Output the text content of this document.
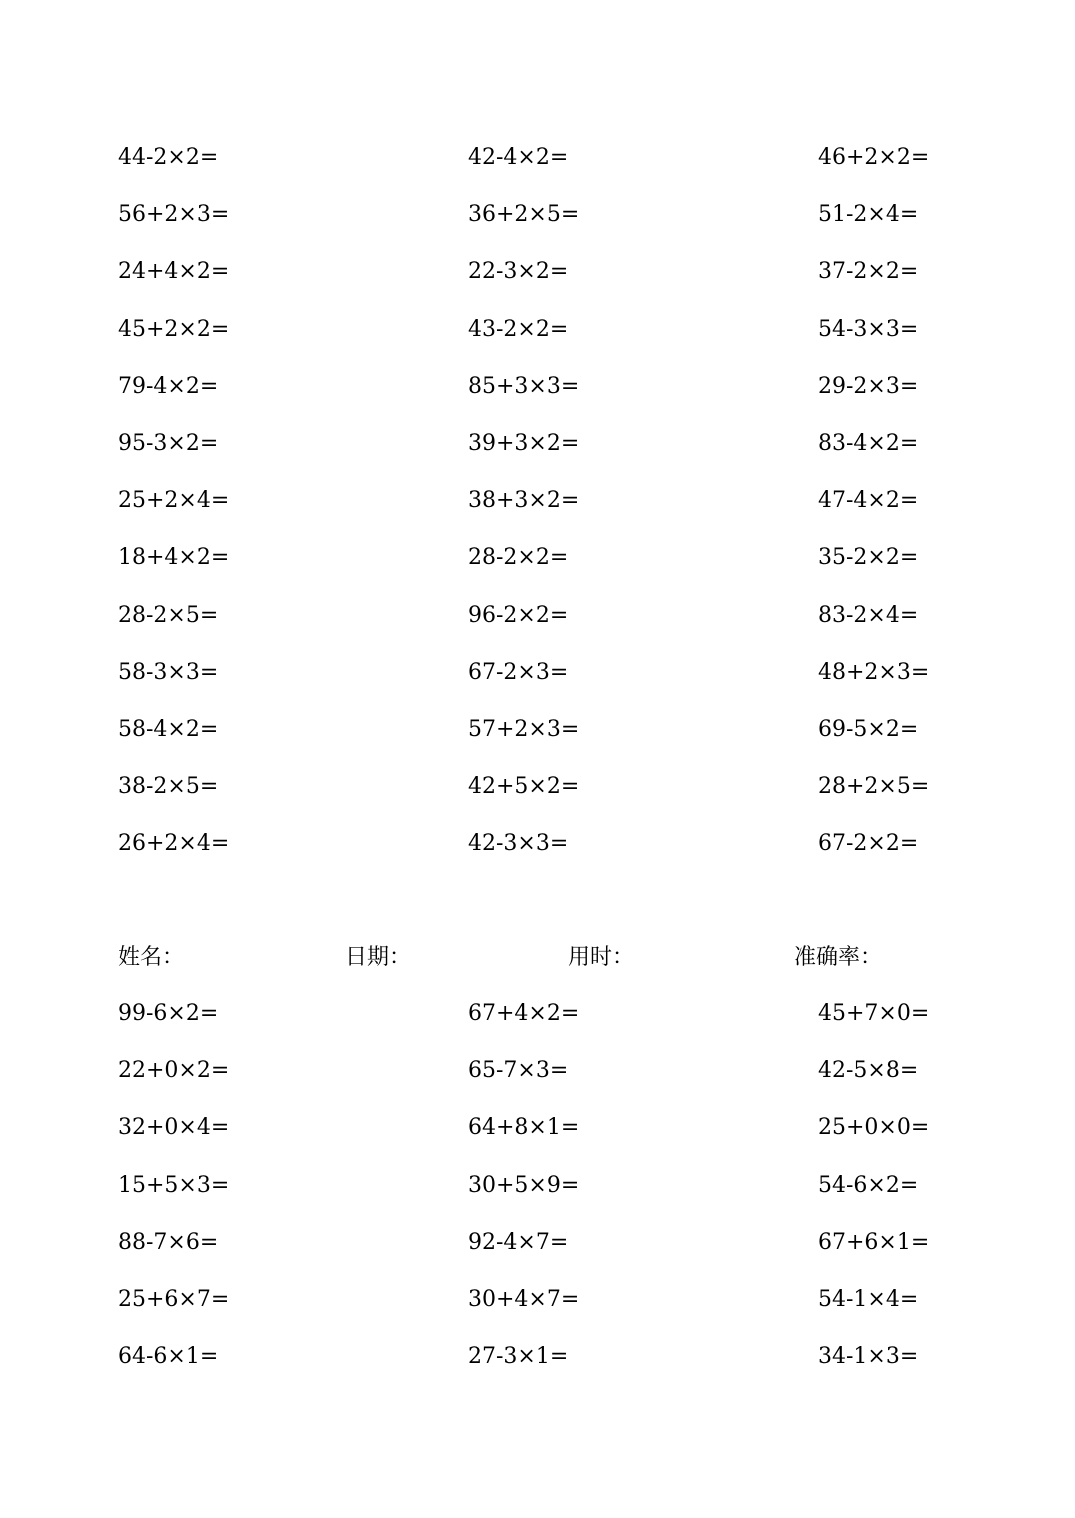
44-2×2=	42-4×2=	46+2×2=
56+2×3=	36+2×5=	51-2×4=
24+4×2=	22-3×2=	37-2×2=
45+2×2=	43-2×2=	54-3×3=
79-4×2=	85+3×3=	29-2×3=
95-3×2=	39+3×2=	83-4×2=
25+2×4=	38+3×2=	47-4×2=
18+4×2=	28-2×2=	35-2×2=
28-2×5=	96-2×2=	83-2×4=
58-3×3=	67-2×3=	48+2×3=
58-4×2=	57+2×3=	69-5×2=
38-2×5=	42+5×2=	28+2×5=
26+2×4=	42-3×3=	67-2×2=
姓名：	日期：	用时：	准确率：
99-6×2=	67+4×2=	45+7×0=
22+0×2=	65-7×3=	42-5×8=
32+0×4=	64+8×1=	25+0×0=
15+5×3=	30+5×9=	54-6×2=
88-7×6=	92-4×7=	67+6×1=
25+6×7=	30+4×7=	54-1×4=
64-6×1=	27-3×1=	34-1×3=
